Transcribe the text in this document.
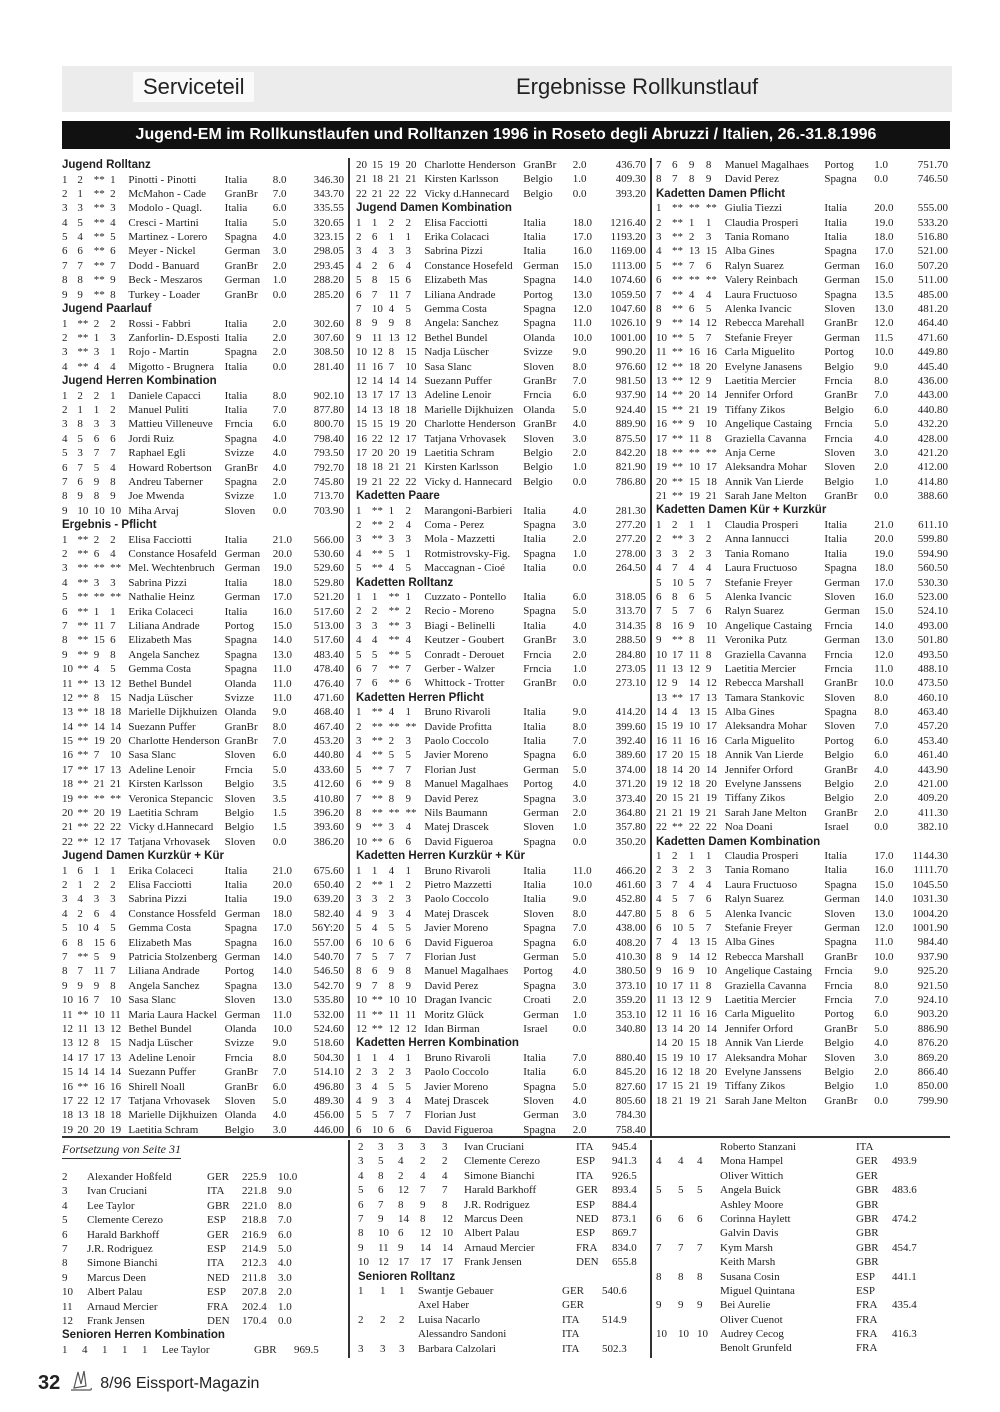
Serviceteil	Ergebnisse Rollkunstlauf
Jugend-EM im Rollkunstlaufen und Rolltanzen 1996 in Roseto degli Abruzzi / Italien, 26.-31.8.1996
Jugend Rolltanz
1 2 ** 1	Pinotti - Pinotti	Italia	8.0	346.30
2 1 ** 2	McMahon - Cade	GranBr	7.0	343.70
3 3 ** 3	Modolo - Quagl.	Italia	6.0	335.55
4 5 ** 4	Cresci - Martini	Italia	5.0	320.65
5 4 ** 5	Martinez - Lorero	Spagna	4.0	323.15
6 6 ** 6	Meyer - Nickel	German	3.0	298.05
7 7 ** 7	Dodd - Banuard	GranBr	2.0	293.45
8 8 ** 9	Beck - Meszaros	German	1.0	288.20
9 9 ** 8	Turkey - Loader	GranBr	0.0	285.20
Jugend Paarlauf
1 ** 2 2	Rossi - Fabbri	Italia	2.0	302.60
2 ** 1 3	Zanforlin- D.Esposti Italia	2.0	307.60
3 ** 3 1	Rojo - Martin	Spagna	2.0	308.50
4 ** 4 4	Migotto - Brugnera Italia	0.0	281.40
Jugend Herren Kombination
1 2 2 1	Daniele Capacci	Italia	8.0	902.10
2 1 1 2	Manuel Puliti	Italia	7.0	877.80
3 8 3 3	Mattieu Villeneuve	Frncia	6.0	800.70
4 5 6 6	Jordi Ruiz	Spagna	4.0	798.40
5 3 7 7	Raphael Egli	Svizze	4.0	793.50
6 7 5 4	Howard Robertson	GranBr	4.0	792.70
7 6 9 8	Andreu Taberner	Spagna	2.0	745.80
8 9 8 9	Joe Mwenda	Svizze	1.0	713.70
9 10 10 10 Miha Arvaj	Sloven	0.0	703.90
Ergebnis - Pflicht
1 ** 2 2	Elisa Facciotti	Italia	21.0	566.00
2 ** 6 4	Constance Hosafeld German	20.0	530.60
3 ** ** ** Mel. Wechtenbruch German	19.0	529.60
4 ** 3 3	Sabrina Pizzi	Italia	18.0	529.80
5 ** ** ** Nathalie Heinz	German	17.0	521.20
6 ** 1 1	Erika Colaceci	Italia	16.0	517.60
7 ** 11 7	Liliana Andrade	Portog	15.0	513.00
8 ** 15 6	Elizabeth Mas	Spagna	14.0	517.60
9 ** 9 8	Angela Sanchez	Spagna	13.0	483.40
10 ** 4 5	Gemma Costa	Spagna	11.0	478.40
11 ** 13 12 Bethel Bundel	Olanda	11.0	476.40
12 ** 8 15 Nadja Lüscher	Svizze	11.0	471.60
13 ** 18 18 Marielle Dijkhuizen Olanda	9.0	468.40
14 ** 14 14 Suezann Puffer	GranBr	8.0	467.40
15 ** 19 20 Charlotte Henderson GranBr	7.0	453.20
16 ** 7 10 Sasa Slanc	Sloven	6.0	440.80
17 ** 17 13 Adeline Lenoir	Frncia	5.0	433.60
18 ** 21 21 Kirsten Karlsson	Belgio	3.5	412.60
19 ** ** ** Veronica Stepancic	Sloven	3.5	410.80
20 ** 20 19 Laetitia Schram	Belgio	1.5	396.20
21 ** 22 22 Vicky d.Hannecard	Belgio	1.5	393.60
22 ** 12 17 Tatjana Vrhovasek	Sloven	0.0	386.20
Jugend Damen Kurzkür + Kür
1 6 1 1	Erika Colaceci	Italia	21.0	675.60
2 1 2 2	Elisa Facciotti	Italia	20.0	650.40
3 4 3 3	Sabrina Pizzi	Italia	19.0	639.20
4 2 6 4	Constance Hossfeld German	18.0	582.40
5 10 4 5	Gemma Costa	Spagna	17.0	56Y:20
6 8 15 6	Elizabeth Mas	Spagna	16.0	557.00
7 ** 5 9	Patricia Stolzenberg German	14.0	540.70
8 7 11 7	Liliana Andrade	Portog	14.0	546.50
9 9 9 8	Angela Sanchez	Spagna	13.0	542.70
10 16 7 10 Sasa Slanc	Sloven	13.0	535.80
11 ** 10 11 Maria Laura Hackel German	11.0	532.00
12 11 13 12 Bethel Bundel	Olanda	10.0	524.60
13 12 8 15 Nadja Lüscher	Svizze	9.0	518.60
14 17 17 13 Adeline Lenoir	Frncia	8.0	504.30
15 14 14 14 Suezann Puffer	GranBr	7.0	514.10
16 ** 16 16 Shirell Noall	GranBr	6.0	496.80
17 22 12 17 Tatjana Vrhovasek	Sloven	5.0	489.30
18 13 18 18 Marielle Dijkhuizen Olanda	4.0	456.00
19 20 20 19 Laetitia Schram	Belgio	3.0	446.00
20 15 19 20 Charlotte Henderson GranBr	2.0	436.70
21 18 21 21 Kirsten Karlsson	Belgio	1.0	409.30
22 21 22 22 Vicky d.Hannecard	Belgio	0.0	393.20
Jugend Damen Kombination
1 1	2	2	Elisa Facciotti	Italia	18.0	1216.40
2 6	1	1	Erika Colacaci	Italia	17.0	1193.20
3 4	3	3	Sabrina Pizzi	Italia	16.0	1169.00
4 2	6	4	Constance Hosefeld German	15.0	1113.00
5 8	15 6	Elizabeth Mas	Spagna	14.0	1074.60
6 7	11 7	Liliana Andrade	Portog	13.0	1059.50
7 10 4	5	Gemma Costa	Spagna	12.0	1047.60
8 9	9	8	Angela: Sanchez	Spagna	11.0	1026.10
9 11 13 12 Bethel Bundel	Olanda	10.0	1001.00
10 12 8	15 Nadja Lüscher	Svizze	9.0	990.20
11 16 7	10 Sasa Slanc	Sloven	8.0	976.60
12 14 14 14 Suezann Puffer	GranBr	7.0	981.50
13 17 17 13 Adeline Lenoir	Frncia	6.0	937.90
14 13 18 18 Marielle Dijkhuizen Olanda	5.0	924.40
15 15 19 20 Charlotte Henderson GranBr	4.0	889.90
16 22 12 17 Tatjana Vrhovasek	Sloven	3.0	875.50
17 20 20 19 Laetitia Schram	Belgio	2.0	842.20
18 18 21 21 Kirsten Karlsson	Belgio	1.0	821.90
19 21 22 22 Vicky d. Hannecard	Belgio	0.0	786.80
Kadetten Paare
1 ** 1	2	Marangoni-Barbieri	Italia	4.0	281.30
2 ** 2	4	Coma - Perez	Spagna	3.0	277.20
3 ** 3	3	Mola - Mazzetti	Italia	2.0	277.20
4 ** 5	1	Rotmistrovsky-Fig.	Spagna	1.0	278.00
5 ** 4	5	Maccagnan - Cioé	Italia	0.0	264.50
Kadetten Rolltanz
1 1	** 1	Cuzzato - Pontello	Italia	6.0	318.05
2 2	** 2	Recio - Moreno	Spagna	5.0	313.70
3 3	** 3	Biagi - Belinelli	Italia	4.0	314.35
4 4	** 4	Keutzer - Goubert	GranBr	3.0	288.50
5 5	** 5	Conradt - Derouet	Frncia	2.0	284.80
6 7	** 7	Gerber - Walzer	Frncia	1.0	273.05
7 6	** 6	Whittock - Trotter	GranBr	0.0	273.10
Kadetten Herren Pflicht
1 ** 4	1	Bruno Rivaroli	Italia	9.0	414.20
2 ** ** ** Davide Profitta	Italia	8.0	399.60
3 ** 2	3	Paolo Coccolo	Italia	7.0	392.40
4 ** 5	5	Javier Moreno	Spagna	6.0	389.60
5 ** 7	7	Florian Just	German	5.0	374.00
6 ** 9	8	Manuel Magalhaes	Portog	4.0	371.20
7 ** 8	9	David Perez	Spagna	3.0	373.40
8 ** ** ** Nils Baumann	German	2.0	364.80
9 ** 3	4	Matej Drascek	Sloven	1.0	357.80
10 ** 6	6	David Figueroa	Spagna	0.0	350.20
Kadetten Herren Kurzkür + Kür
1 1	4	1	Bruno Rivaroli	Italia	11.0	466.20
2 ** 1	2	Pietro Mazzetti	Italia	10.0	461.60
3 3	2	3	Paolo Coccolo	Italia	9.0	452.80
4 9	3	4	Matej Drascek	Sloven	8.0	447.80
5 4	5	5	Javier Moreno	Spagna	7.0	438.00
6 10 6	6	David Figueroa	Spagna	6.0	408.20
7 5	7	7	Florian Just	German	5.0	410.30
8 6	9	8	Manuel Magalhaes	Portog	4.0	380.50
9 7	8	9	David Perez	Spagna	3.0	373.10
10 ** 10 10 Dragan Ivancic	Croati	2.0	359.20
11 ** 11 11 Moritz Glück	German	1.0	353.10
12 ** 12 12 Idan Birman	Israel	0.0	340.80
Kadetten Herren Kombination
1 1	4	1	Bruno Rivaroli	Italia	7.0	880.40
2 3	2	3	Paolo Coccolo	Italia	6.0	845.20
3 4	5	5	Javier Moreno	Spagna	5.0	827.60
4 9	3	4	Matej Drascek	Sloven	4.0	805.60
5 5	7	7	Florian Just	German	3.0	784.30
6 10 6	6	David Figueroa	Spagna	2.0	758.40
7 6	9	8	Manuel Magalhaes	Portog	1.0	751.70
8 7	8	9	David Perez	Spagna	0.0	746.50
Kadetten Damen Pflicht
1 ** ** ** Giulia Tiezzi	Italia	20.0	555.00
2 ** 1	1	Claudia Prosperi	Italia	19.0	533.20
3 ** 2	3	Tania Romano	Italia	18.0	516.80
4 ** 13 15 Alba Gines	Spagna	17.0	521.00
5 ** 7	6	Ralyn Suarez	German	16.0	507.20
6 ** ** ** Valery Reinbach	German	15.0	511.00
7 ** 4	4	Laura Fructuoso	Spagna	13.5	485.00
8 ** 6	5	Alenka Ivancic	Sloven	13.0	481.20
9 ** 14 12 Rebecca Marehall	GranBr	12.0	464.40
10 ** 5	7	Stefanie Freyer	German	11.5	471.60
11 ** 16 16 Carla Miguelito	Portog	10.0	449.80
12 ** 18 20 Evelyne Janasens	Belgio	9.0	445.40
13 ** 12 9	Laetitia Mercier	Frncia	8.0	436.00
14 ** 20 14 Jennifer Orford	GranBr	7.0	443.00
15 ** 21 19 Tiffany Zikos	Belgio	6.0	440.80
16 ** 9	10 Angelique Castaing	Frncia	5.0	432.20
17 ** 11 8	Graziella Cavanna	Frncia	4.0	428.00
18 ** ** ** Anja Cerne	Sloven	3.0	421.20
19 ** 10 17 Aleksandra Mohar	Sloven	2.0	412.00
20 ** 15 18 Annik Van Lierde	Belgio	1.0	414.80
21 ** 19 21 Sarah Jane Melton	GranBr	0.0	388.60
Kadetten Damen Kür + Kurzkür
1 2	1	1	Claudia Prosperi	Italia	21.0	611.10
2 ** 3	2	Anna Iannucci	Italia	20.0	599.80
3 3	2	3	Tania Romano	Italia	19.0	594.90
4 7	4	4	Laura Fructuoso	Spagna	18.0	560.50
5 10 5	7	Stefanie Freyer	German	17.0	530.30
6 8	6	5	Alenka Ivancic	Sloven	16.0	523.00
7 5	7	6	Ralyn Suarez	German	15.0	524.10
8 16 9	10 Angelique Castaing	Frncia	14.0	493.00
9 ** 8	11 Veronika Putz	German	13.0	501.80
10 17 11 8	Graziella Cavanna	Frncia	12.0	493.50
11 13 12 9	Laetitia Mercier	Frncia	11.0	488.10
12 9	14 12 Rebecca Marshall	GranBr	10.0	473.50
13 ** 17 13 Tamara Stankovic	Sloven	8.0	460.10
14 4	13 15 Alba Gines	Spagna	8.0	463.40
15 19 10 17 Aleksandra Mohar	Sloven	7.0	457.20
16 11 16 16 Carla Miguelito	Portog	6.0	453.40
17 20 15 18 Annik Van Lierde	Belgio	6.0	461.40
18 14 20 14 Jennifer Orford	GranBr	4.0	443.90
19 12 18 20 Evelyne Janssens	Belgio	2.0	421.00
20 15 21 19 Tiffany Zikos	Belgio	2.0	409.20
21 21 19 21 Sarah Jane Melton	GranBr	2.0	411.30
22 ** 22 22 Noa Doani	Israel	0.0	382.10
Kadetten Damen Kombination
1 2	1	1	Claudia Prosperi	Italia	17.0	1144.30
2 3	2	3	Tania Romano	Italia	16.0	1111.70
3 7	4	4	Laura Fructuoso	Spagna	15.0	1045.50
4 5	7	6	Ralyn Suarez	German	14.0	1031.30
5 8	6	5	Alenka Ivancic	Sloven	13.0	1004.20
6 10 5	7	Stefanie Freyer	German	12.0	1001.90
7 4	13 15 Alba Gines	Spagna	11.0	984.40
8 9	14 12 Rebecca Marshall	GranBr	10.0	937.90
9 16 9	10 Angelique Castaing	Frncia	9.0	925.20
10 17 11 8	Graziella Cavanna	Frncia	8.0	921.50
11 13 12 9	Laetitia Mercier	Frncia	7.0	924.10
12 11 16 16 Carla Miguelito	Portog	6.0	903.20
13 14 20 14 Jennifer Orford	GranBr	5.0	886.90
14 20 15 18 Annik Van Lierde	Belgio	4.0	876.20
15 19 10 17 Aleksandra Mohar	Sloven	3.0	869.20
16 12 18 20 Evelyne Janssens	Belgio	2.0	866.40
17 15 21 19 Tiffany Zikos	Belgio	1.0	850.00
18 21 19 21 Sarah Jane Melton	GranBr	0.0	799.90
Fortsetzung von Seite 31
2	Alexander Hoßfeld	GER	225.9	10.0
3	Ivan Cruciani	ITA	221.8	9.0
4	Lee Taylor	GBR	221.0	8.0
5	Clemente Cerezo	ESP	218.8	7.0
6	Harald Barkhoff	GER	216.9	6.0
7	J.R. Rodriguez	ESP	214.9	5.0
8	Simone Bianchi	ITA	212.3	4.0
9	Marcus Deen	NED	211.8	3.0
10	Albert Palau	ESP	207.8	2.0
11	Arnaud Mercier	FRA	202.4	1.0
12	Frank Jensen	DEN	170.4	0.0
Senioren Herren Kombination
1	4	1	1	1	Lee Taylor	GBR	969.5
2	3	3	3	3	Ivan Cruciani	ITA	945.4
3	5	4	2	2	Clemente Cerezo	ESP	941.3
4	8	2	4	4	Simone Bianchi	ITA	926.5
5	6	12	7	7	Harald Barkhoff	GER	893.4
6	7	8	9	8	J.R. Rodriguez	ESP	884.4
7	9	14	8	12	Marcus Deen	NED	873.1
8	10 6	12	10	Albert Palau	ESP	869.7
9	11 9	14	14	Arnaud Mercier	FRA	834.0
10 12 17	17	17	Frank Jensen	DEN	655.8
Senioren Rolltanz
1	1	1	Swantje Gebauer	GER	540.6
Axel Haber	GER
2	2	2	Luisa Nacarlo	ITA	514.9
Alessandro Sandoni	ITA
3	3	3	Barbara Calzolari	ITA	502.3
Roberto Stanzani	ITA
4	4	4	Mona Hampel	GER	493.9
Oliver Wittich	GER
5	5	5	Angela Buick	GBR	483.6
Ashley Moore	GBR
6	6	6	Corinna Haylett	GBR	474.2
Galvin Davis	GBR
7	7	7	Kym Marsh	GBR	454.7
Keith Marsh	GBR
8	8	8	Susana Cosin	ESP	441.1
Miguel Quintana	ESP
9	9	9	Bei Aurelie	FRA	435.4
Oliver Cuenot	FRA
10	10 10	Audrey Cecog	FRA	416.3
Benolt Grunfeld	FRA
32	8/96 Eissport-Magazin
